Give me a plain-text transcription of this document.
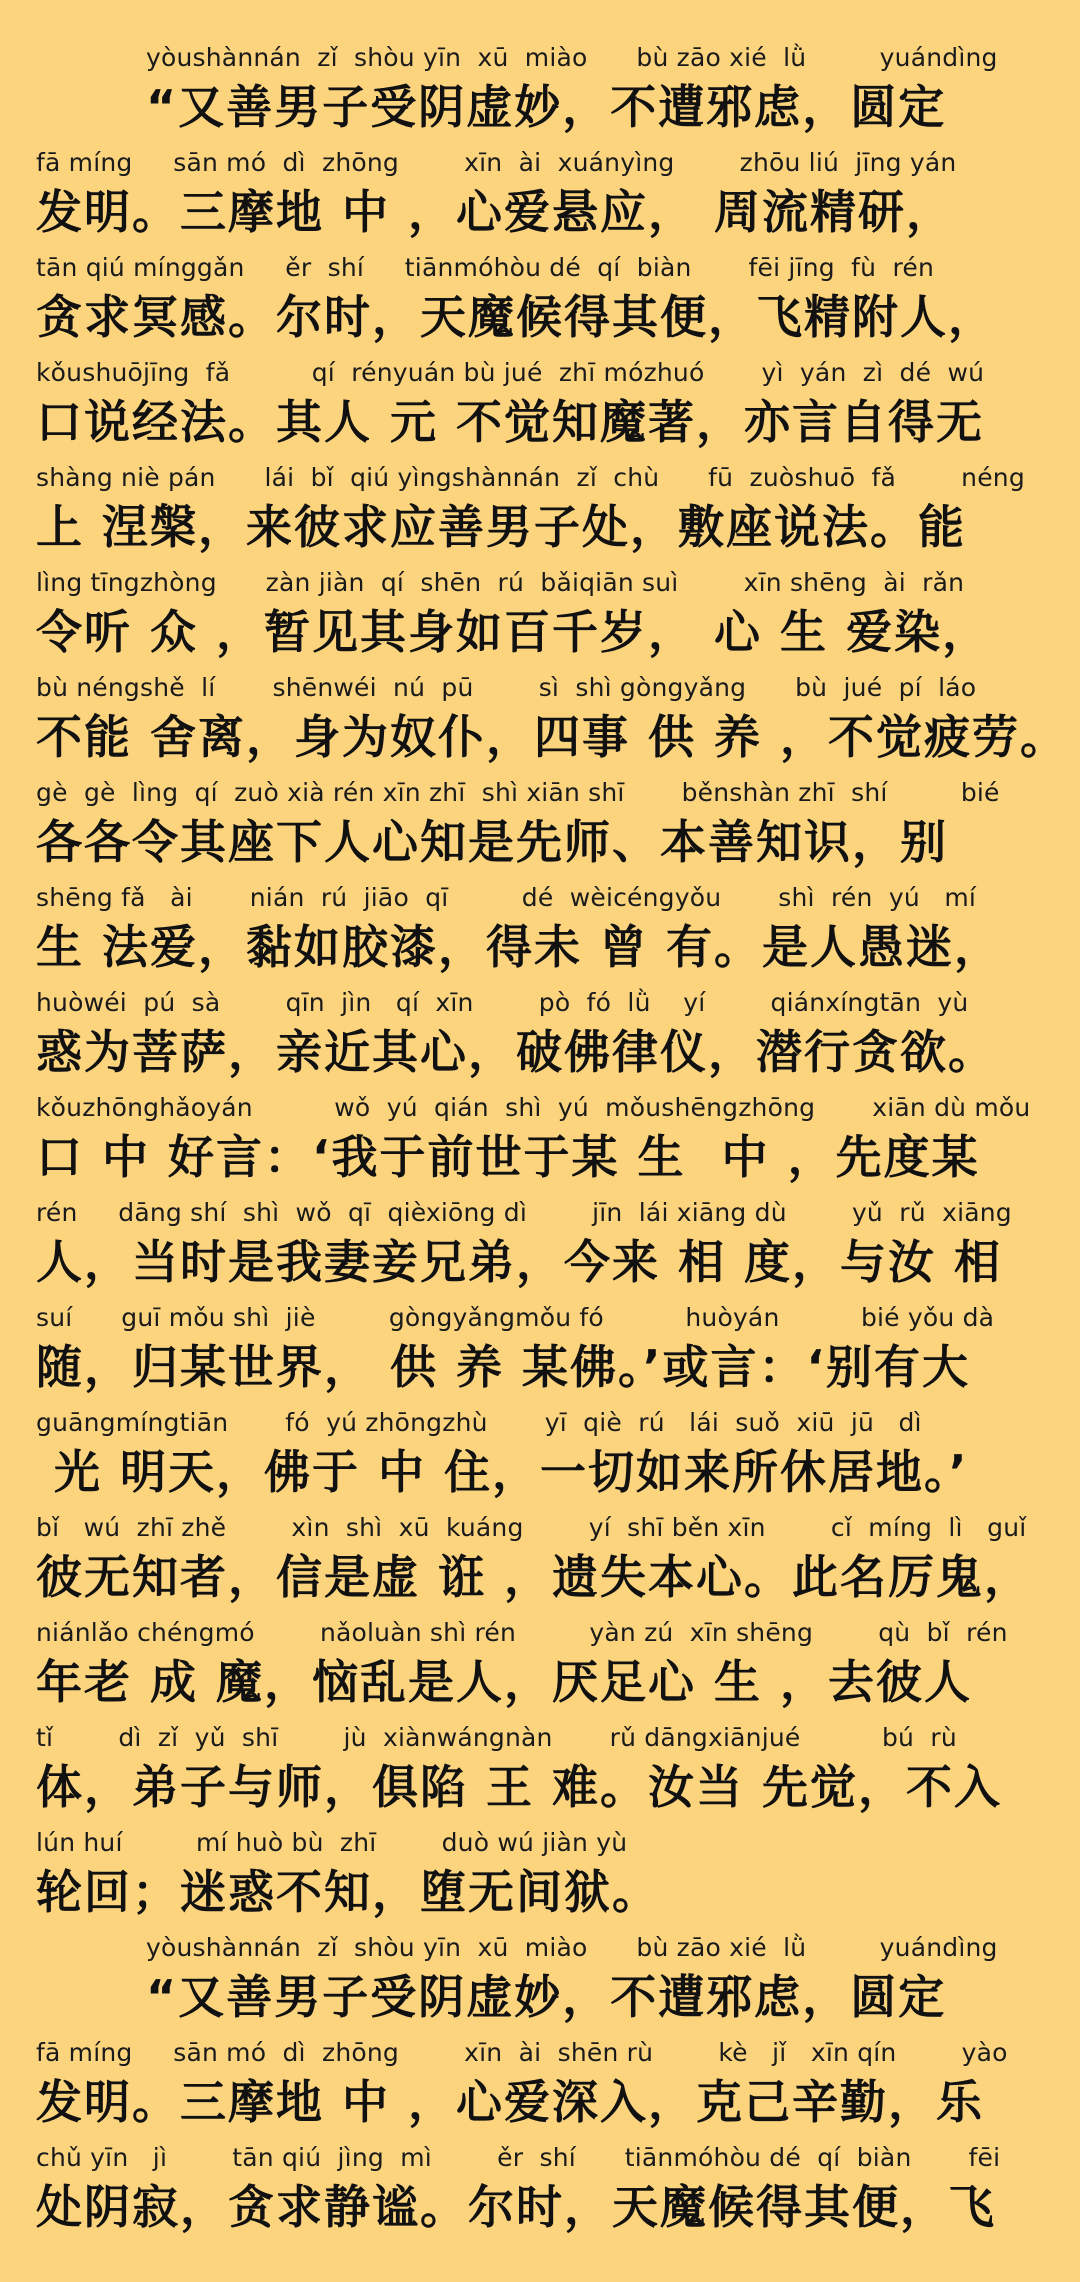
yòushànnán  zǐ  shòu yīn  xū  miào      bù zāo xié  lǜ         yuándìng
“又善男子受阴虚妙，不遭邪虑，圆定
fā míng     sān mó  dì  zhōng        xīn  ài  xuányìng        zhōu liú  jīng yán
发明。三摩地 中 ，心爱悬应， 周流精研，
tān qiú mínggǎn     ěr  shí     tiānmóhòu dé  qí  biàn       fēi jīng  fù  rén
贪求冥感。尔时，天魔候得其便，飞精附人，
kǒushuōjīng  fǎ          qí  rényuán bù jué  zhī mózhuó       yì  yán  zì  dé  wú
口说经法。其人 元 不觉知魔著，亦言自得无
shàng niè pán      lái  bǐ  qiú yìngshànnán  zǐ  chù      fū  zuòshuō  fǎ        néng
上 涅槃，来彼求应善男子处，敷座说法。能
lìng tīngzhòng      zàn jiàn  qí  shēn  rú  bǎiqiān suì        xīn shēng  ài  rǎn
令听 众 ，暂见其身如百千岁， 心 生 爱染，
bù néngshě  lí       shēnwéi  nú  pū        sì  shì gòngyǎng      bù  jué  pí  láo
不能 舍离，身为奴仆，四事 供 养 ，不觉疲劳。
gè  gè  lìng  qí  zuò xià rén xīn zhī  shì xiān shī       běnshàn zhī  shí         bié
各各令其座下人心知是先师、本善知识，别
shēng fǎ   ài       nián  rú  jiāo  qī         dé  wèicéngyǒu       shì  rén  yú   mí
生 法爱，黏如胶漆，得未 曾 有。是人愚迷，
huòwéi  pú  sà        qīn  jìn   qí  xīn        pò  fó  lǜ    yí        qiánxíngtān  yù
惑为菩萨，亲近其心，破佛律仪，潜行贪欲。
kǒuzhōnghǎoyán          wǒ  yú  qián  shì  yú  mǒushēngzhōng       xiān dù mǒu
口 中 好言：‘我于前世于某 生  中 ，先度某
rén     dāng shí  shì  wǒ  qī  qièxiōng dì        jīn  lái xiāng dù        yǔ  rǔ  xiāng
人，当时是我妻妾兄弟，今来 相 度，与汝 相
suí      guī mǒu shì  jiè         gòngyǎngmǒu fó          huòyán          bié yǒu dà
随，归某世界， 供 养 某佛。’或言：‘别有大
guāngmíngtiān       fó  yú zhōngzhù       yī  qiè  rú   lái  suǒ  xiū  jū   dì
光 明天，佛于 中 住，一切如来所休居地。’
bǐ   wú  zhī zhě        xìn  shì  xū  kuáng        yí  shī běn xīn        cǐ  míng  lì   guǐ
彼无知者，信是虚 诳 ，遗失本心。此名厉鬼，
niánlǎo chéngmó        nǎoluàn shì rén         yàn zú  xīn shēng        qù  bǐ  rén
年老 成 魔，恼乱是人，厌足心 生 ，去彼人
tǐ        dì  zǐ  yǔ  shī        jù  xiànwángnàn       rǔ dāngxiānjué          bú  rù
体，弟子与师，俱陷 王 难。汝当 先觉，不入
lún huí         mí huò bù  zhī        duò wú jiàn yù
轮回；迷惑不知，堕无间狱。
yòushànnán  zǐ  shòu yīn  xū  miào      bù zāo xié  lǜ         yuándìng
“又善男子受阴虚妙，不遭邪虑，圆定
fā míng     sān mó  dì  zhōng        xīn  ài  shēn rù        kè   jǐ   xīn qín        yào
发明。三摩地 中 ，心爱深入，克己辛勤，乐
chǔ yīn   jì        tān qiú  jìng  mì        ěr  shí      tiānmóhòu dé  qí  biàn       fēi
处阴寂，贪求静谧。尔时，天魔候得其便，飞
